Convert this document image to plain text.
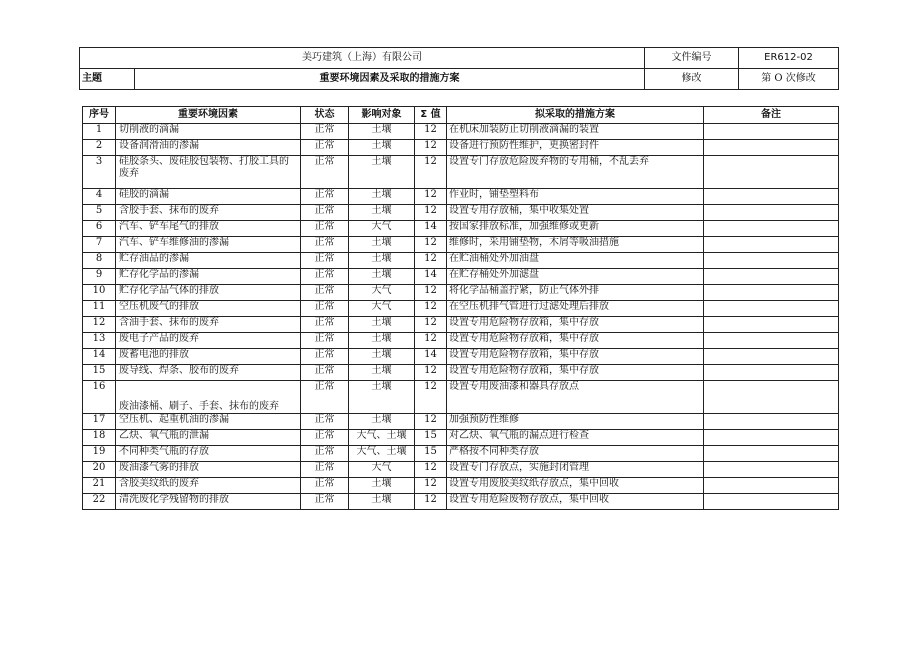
美巧建筑（上海）有限公司		文件编号	ER612-02
主题	重要环境因素及采取的措施方案	修改	第 O 次修改
序号	重要环境因素	状态	影响对象	Σ 值	拟采取的措施方案	备注
1	切削液的滴漏	正常	土壤	12	在机床加装防止切削液滴漏的装置	
2	设备润滑油的渗漏	正常	土壤	12	设备进行预防性维护，更换密封件	
3	硅胶条头、废硅胶包装物、打胶工具的废弃	正常	土壤	12	设置专门存放危险废弃物的专用桶，不乱丢弃	
4	硅胶的滴漏	正常	土壤	12	作业时，铺垫塑料布	
5	含胶手套、抹布的废弃	正常	土壤	12	设置专用存放桶，集中收集处置	
6	汽车、铲车尾气的排放	正常	大气	14	按国家排放标准，加强维修或更新	
7	汽车、铲车维修油的渗漏	正常	土壤	12	维修时，采用铺垫物，木屑等吸油措施	
8	贮存油品的渗漏	正常	土壤	12	在贮油桶处外加油盘	
9	贮存化学品的渗漏	正常	土壤	14	在贮存桶处外加滤盘	
10	贮存化学品气体的排放	正常	大气	12	将化学品桶盖拧紧，防止气体外排	
11	空压机废气的排放	正常	大气	12	在空压机排气管进行过滤处理后排放	
12	含油手套、抹布的废弃	正常	土壤	12	设置专用危险物存放箱，集中存放	
13	废电子产品的废弃	正常	土壤	12	设置专用危险物存放箱，集中存放	
14	废蓄电池的排放	正常	土壤	14	设置专用危险物存放箱，集中存放	
15	废导线、焊条、胶布的废弃	正常	土壤	12	设置专用危险物存放箱，集中存放	
16	废油漆桶、刷子、手套、抹布的废弃	正常	土壤	12	设置专用废油漆和器具存放点	
17	空压机、起重机油的渗漏	正常	土壤	12	加强预防性维修	
18	乙炔、氧气瓶的泄漏	正常	大气、土壤	15	对乙炔、氧气瓶的漏点进行检查	
19	不同种类气瓶的存放	正常	大气、土壤	15	严格按不同种类存放	
20	废油漆气雾的排放	正常	大气	12	设置专门存放点，实施封闭管理	
21	含胶美纹纸的废弃	正常	土壤	12	设置专用废胶美纹纸存放点，集中回收	
22	清洗废化学残留物的排放	正常	土壤	12	设置专用危险废物存放点，集中回收	
